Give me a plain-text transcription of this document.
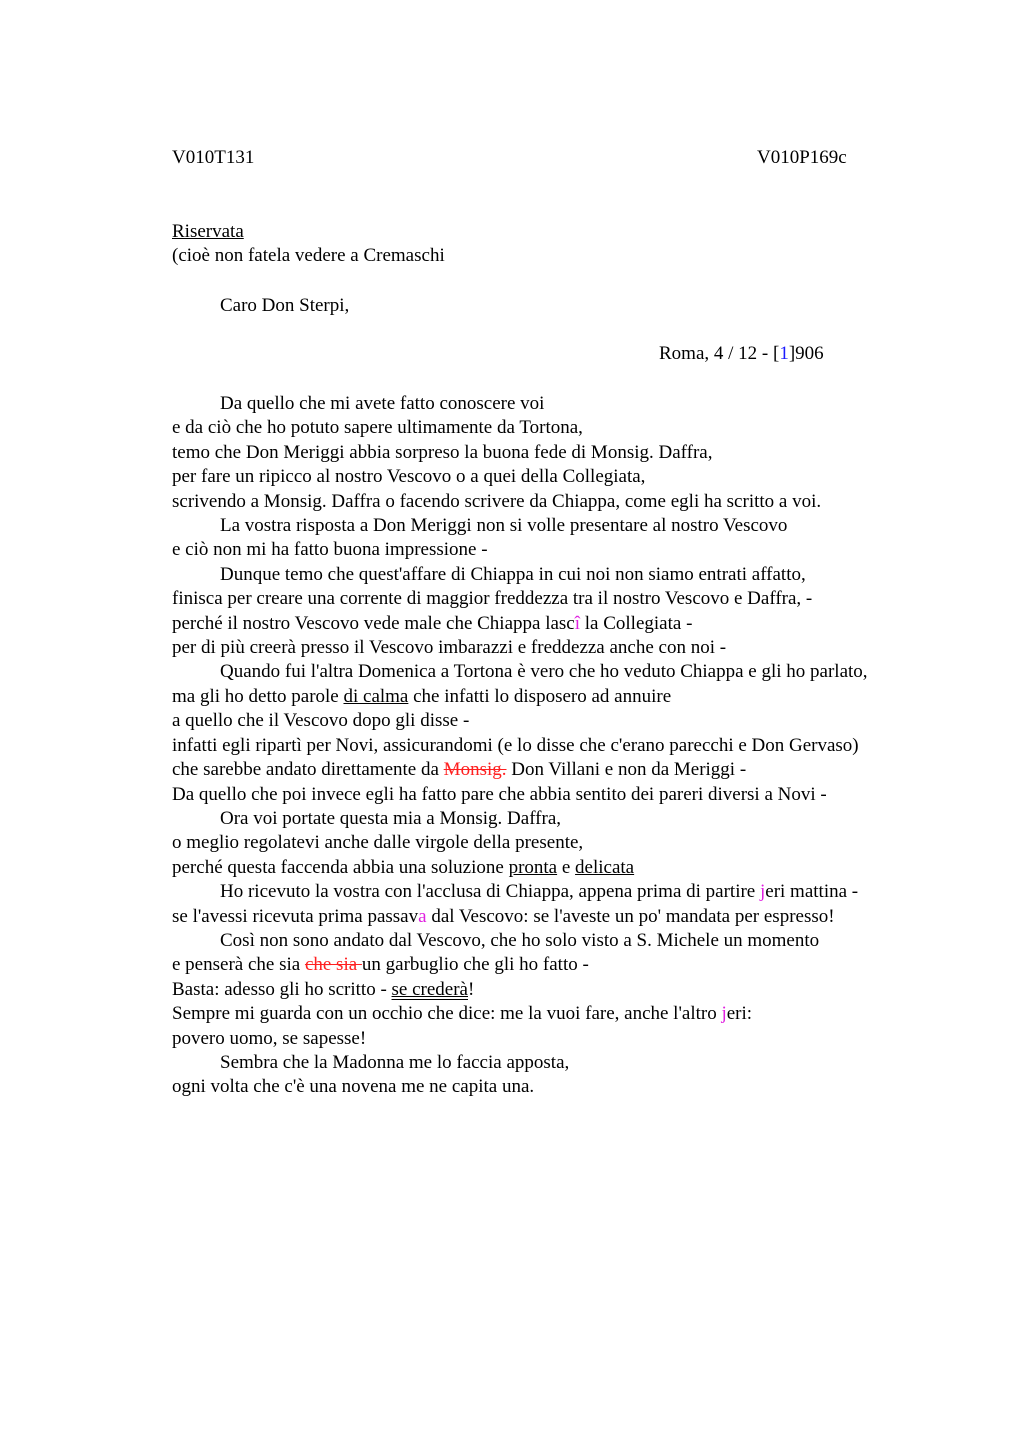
V010T131	V010P169c
Riservata
(cioè non fatela vedere a Cremaschi
Caro Don Sterpi,
Roma, 4 / 12 - [1]906
Da quello che mi avete fatto conoscere voi
e da ciò che ho potuto sapere ultimamente da Tortona,
temo che Don Meriggi abbia sorpreso la buona fede di Monsig. Daffra,
per fare un ripicco al nostro Vescovo o a quei della Collegiata,
scrivendo a Monsig. Daffra o facendo scrivere da Chiappa, come egli ha scritto a voi.
La vostra risposta a Don Meriggi non si volle presentare al nostro Vescovo
e ciò non mi ha fatto buona impressione -
Dunque temo che quest'affare di Chiappa in cui noi non siamo entrati affatto,
finisca per creare una corrente di maggior freddezza tra il nostro Vescovo e Daffra, -
perché il nostro Vescovo vede male che Chiappa lascî la Collegiata -
per di più creerà presso il Vescovo imbarazzi e freddezza anche con noi -
Quando fui l'altra Domenica a Tortona è vero che ho veduto Chiappa e gli ho parlato,
ma gli ho detto parole di calma che infatti lo disposero ad annuire
a quello che il Vescovo dopo gli disse -
infatti egli ripartì per Novi, assicurandomi (e lo disse che c'erano parecchi e Don Gervaso)
che sarebbe andato direttamente da Monsig. Don Villani e non da Meriggi -
Da quello che poi invece egli ha fatto pare che abbia sentito dei pareri diversi a Novi -
Ora voi portate questa mia a Monsig. Daffra,
o meglio regolatevi anche dalle virgole della presente,
perché questa faccenda abbia una soluzione pronta e delicata
Ho ricevuto la vostra con l'acclusa di Chiappa, appena prima di partire jeri mattina -
se l'avessi ricevuta prima passava dal Vescovo: se l'aveste un po' mandata per espresso!
Così non sono andato dal Vescovo, che ho solo visto a S. Michele un momento
e penserà che sia che sia un garbuglio che gli ho fatto -
Basta: adesso gli ho scritto - se crederà!
Sempre mi guarda con un occhio che dice: me la vuoi fare, anche l'altro jeri:
povero uomo, se sapesse!
Sembra che la Madonna me lo faccia apposta,
ogni volta che c'è una novena me ne capita una.
